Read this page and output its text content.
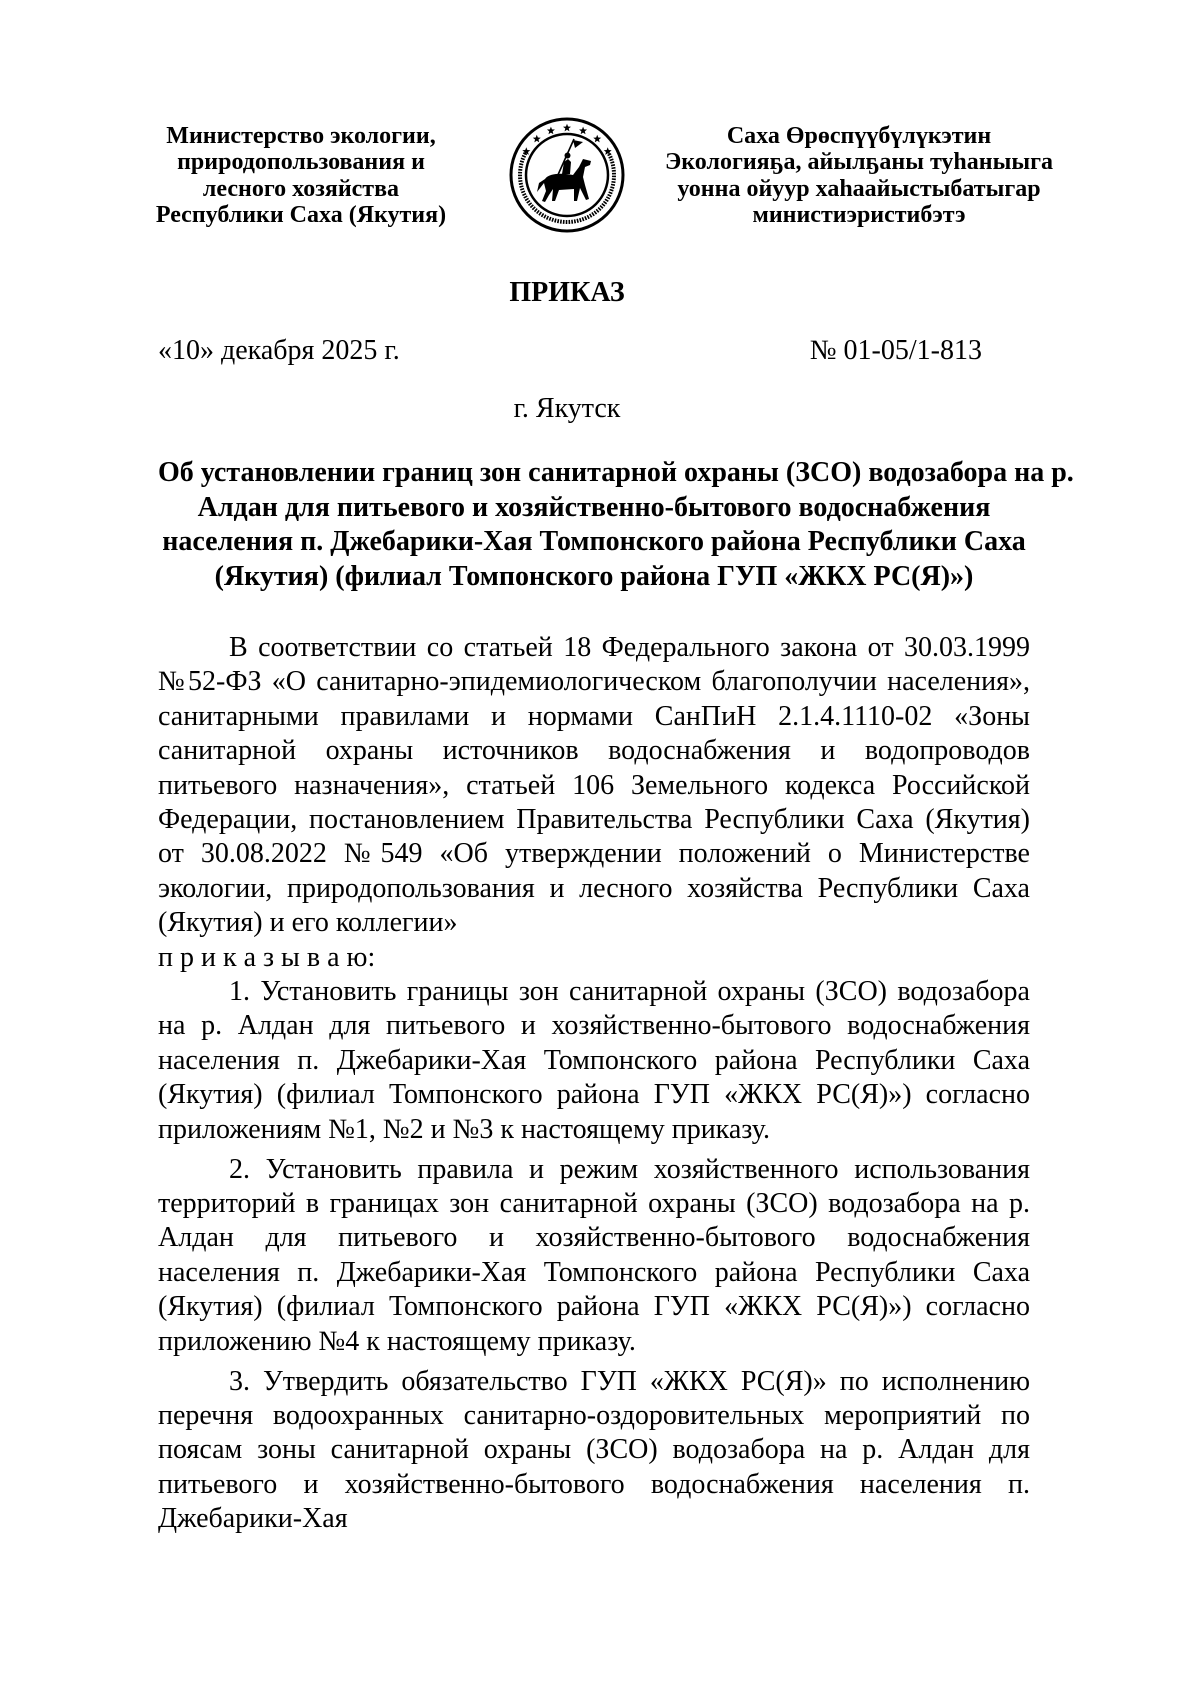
Министерство экологии,
природопользования и
лесного хозяйства
Республики Саха (Якутия)
Саха Өрөспүүбүлүкэтин
Экологияҕа, айылҕаны туһаныыга
уонна ойуур хаһаайыстыбатыгар
министиэристибэтэ
ПРИКАЗ
«10» декабря 2025 г.	№ 01-05/1-813
г. Якутск
Об установлении границ зон санитарной охраны (ЗСО) водозабора на р.
Алдан для питьевого и хозяйственно-бытового водоснабжения
населения п. Джебарики-Хая Томпонского района Республики Саха
(Якутия) (филиал Томпонского района ГУП «ЖКХ РС(Я)»)

В соответствии со статьей 18 Федерального закона от 30.03.1999 №52-ФЗ «О санитарно-эпидемиологическом благополучии населения», санитарными правилами и нормами СанПиН 2.1.4.1110-02 «Зоны санитарной охраны источников водоснабжения и водопроводов питьевого назначения», статьей 106 Земельного кодекса Российской Федерации, постановлением Правительства Республики Саха (Якутия) от 30.08.2022 №549 «Об утверждении положений о Министерстве экологии, природопользования и лесного хозяйства Республики Саха (Якутия) и его коллегии»

п р и к а з ы в а ю:

1. Установить границы зон санитарной охраны (ЗСО) водозабора на р. Алдан для питьевого и хозяйственно-бытового водоснабжения населения п. Джебарики-Хая Томпонского района Республики Саха (Якутия) (филиал Томпонского района ГУП «ЖКХ РС(Я)») согласно приложениям №1, №2 и №3 к настоящему приказу.

2. Установить правила и режим хозяйственного использования территорий в границах зон санитарной охраны (ЗСО) водозабора на р. Алдан для питьевого и хозяйственно-бытового водоснабжения населения п. Джебарики-Хая Томпонского района Республики Саха (Якутия) (филиал Томпонского района ГУП «ЖКХ РС(Я)») согласно приложению №4 к настоящему приказу.

3. Утвердить обязательство ГУП «ЖКХ РС(Я)» по исполнению перечня водоохранных санитарно-оздоровительных мероприятий по поясам зоны санитарной охраны (ЗСО) водозабора на р. Алдан для питьевого и хозяйственно-бытового водоснабжения населения п. Джебарики-Хая
